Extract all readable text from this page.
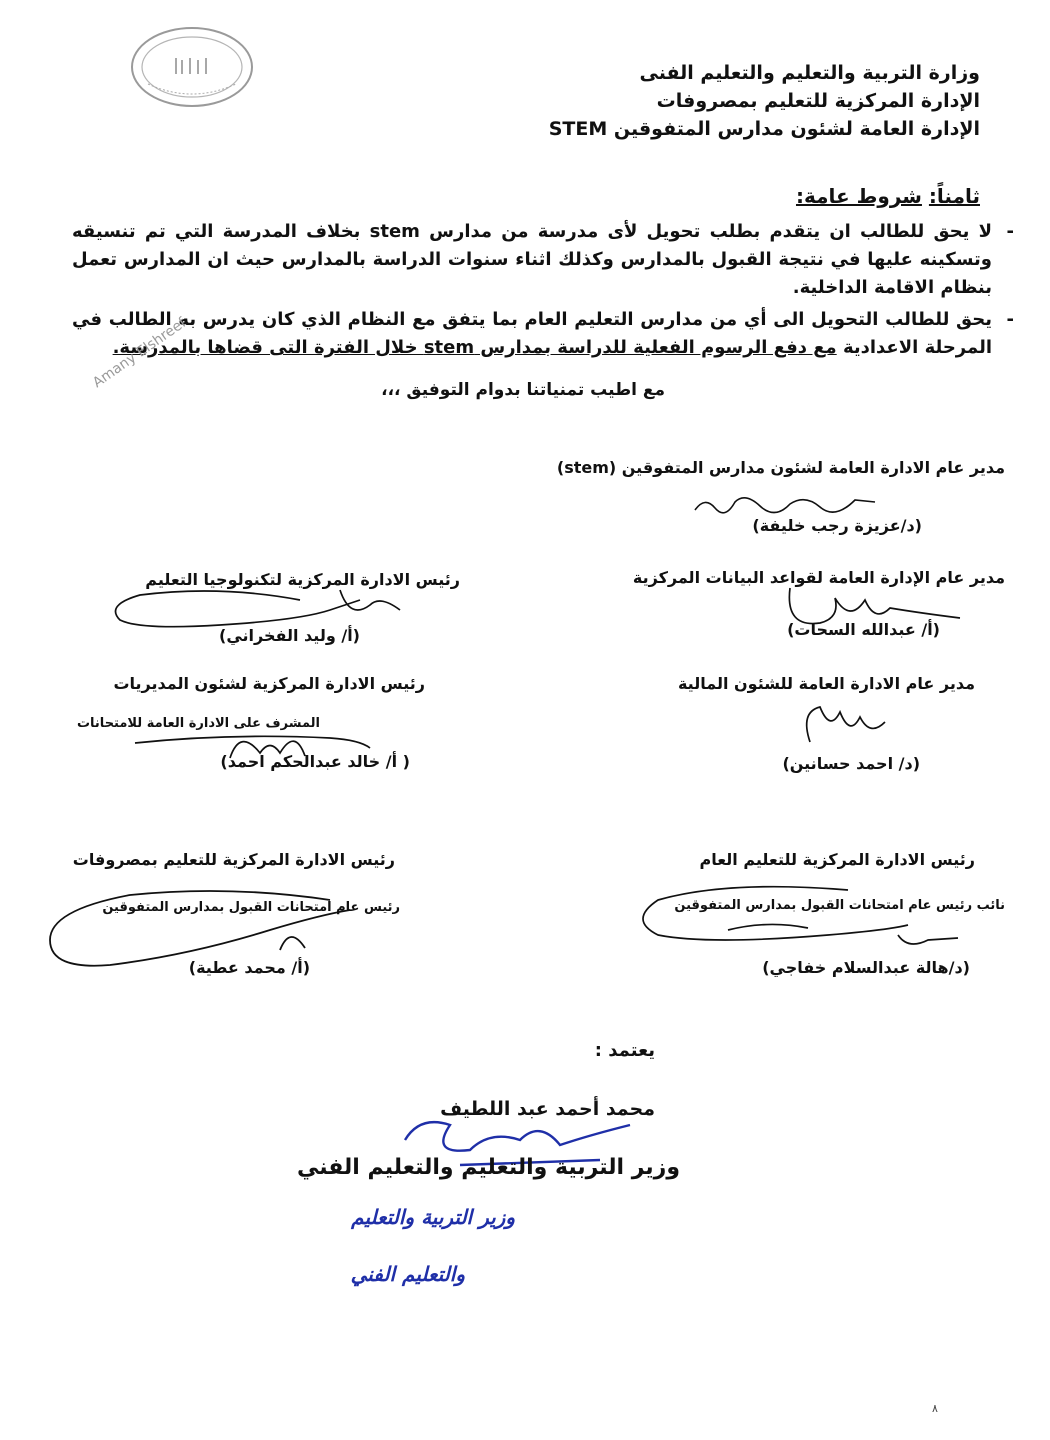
وزارة التربية والتعليم والتعليم الفنى
الإدارة المركزية للتعليم بمصروفات
الإدارة العامة لشئون مدارس المتفوقين STEM
ثامناً: شروط عامة:
-
لا يحق للطالب ان يتقدم بطلب تحويل لأى مدرسة من مدارس stem بخلاف المدرسة التي تم تنسيقه وتسكينه عليها في نتيجة القبول بالمدارس وكذلك اثناء سنوات الدراسة بالمدارس حيث ان المدارس تعمل بنظام الاقامة الداخلية.
-
يحق للطالب التحويل الى أي من مدارس التعليم العام بما يتفق مع النظام الذي كان يدرس به الطالب في المرحلة الاعدادية مع دفع الرسوم الفعلية للدراسة بمدارس stem خلال الفترة التى قضاها بالمدرسة.
مع اطيب تمنياتنا بدوام التوفيق ،،،
Amany Elshreef
مدير عام الادارة العامة لشئون مدارس المتفوقين (stem)
(د/عزيزة رجب خليفة)
مدير عام الإدارة العامة لقواعد البيانات المركزية
(أ/ عبدالله السحات)
رئيس الادارة المركزية لتكنولوجيا التعليم
(أ/ وليد الفخراني)
مدير عام الادارة العامة للشئون المالية
(د/ احمد حسانين)
رئيس الادارة المركزية لشئون المديريات
المشرف على الادارة العامة للامتحانات
( أ/ خالد عبدالحكم احمد)
رئيس الادارة المركزية للتعليم العام
نائب رئيس عام امتحانات القبول بمدارس المتفوقين
(د/هالة عبدالسلام خفاجي)
رئيس الادارة المركزية للتعليم بمصروفات
رئيس عام امتحانات القبول بمدارس المتفوقين
(أ/ محمد عطية)
يعتمد :
محمد أحمد عبد اللطيف
وزير التربية والتعليم والتعليم الفني
وزير التربية والتعليم
والتعليم الفني
٨
